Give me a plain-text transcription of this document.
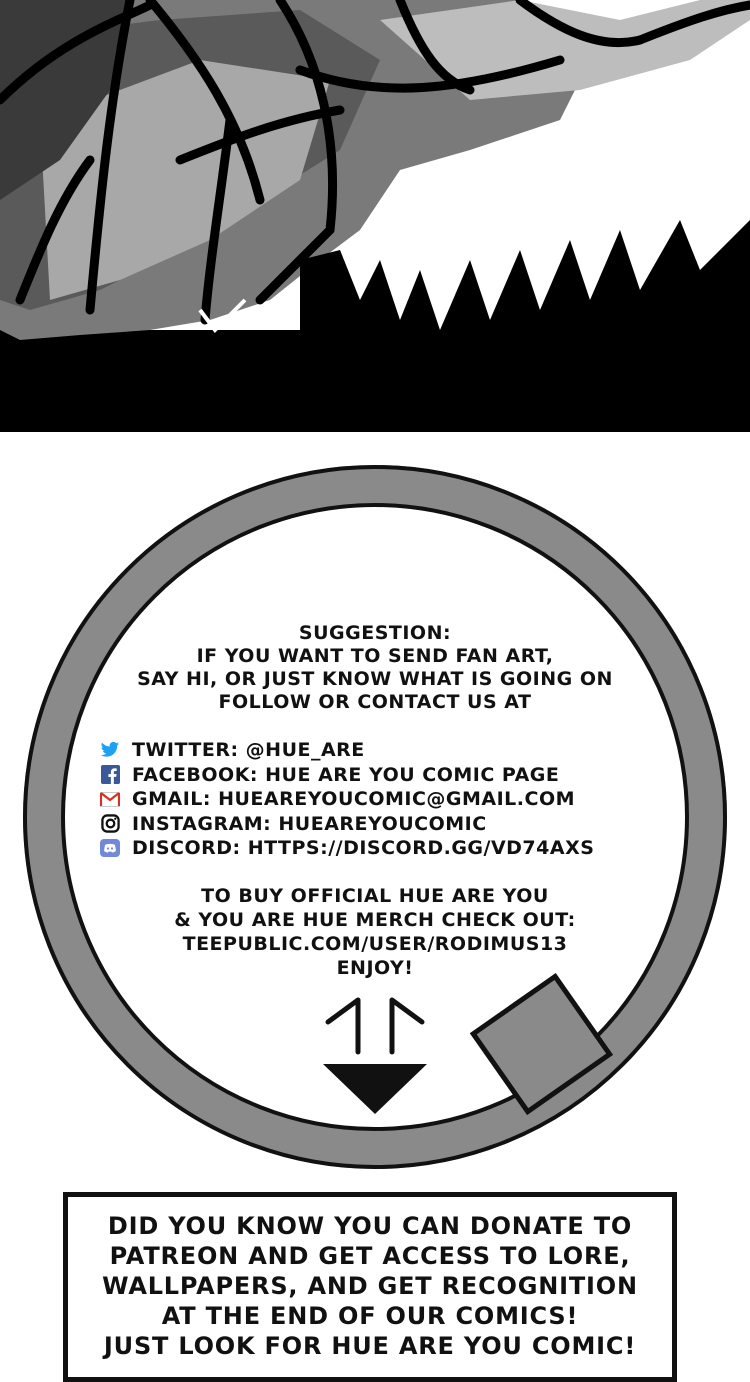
SUGGESTION:
IF YOU WANT TO SEND FAN ART,
SAY HI, OR JUST KNOW WHAT IS GOING ON
FOLLOW OR CONTACT US AT
TWITTER: @HUE_ARE
FACEBOOK: HUE ARE YOU COMIC PAGE
GMAIL: HUEAREYOUCOMIC@GMAIL.COM
INSTAGRAM: HUEAREYOUCOMIC
DISCORD: HTTPS://DISCORD.GG/VD74AXS
TO BUY OFFICIAL HUE ARE YOU
& YOU ARE HUE MERCH CHECK OUT:
TEEPUBLIC.COM/USER/RODIMUS13
ENJOY!
DID YOU KNOW YOU CAN DONATE TO
PATREON AND GET ACCESS TO LORE,
WALLPAPERS, AND GET RECOGNITION
AT THE END OF OUR COMICS!
JUST LOOK FOR HUE ARE YOU COMIC!
